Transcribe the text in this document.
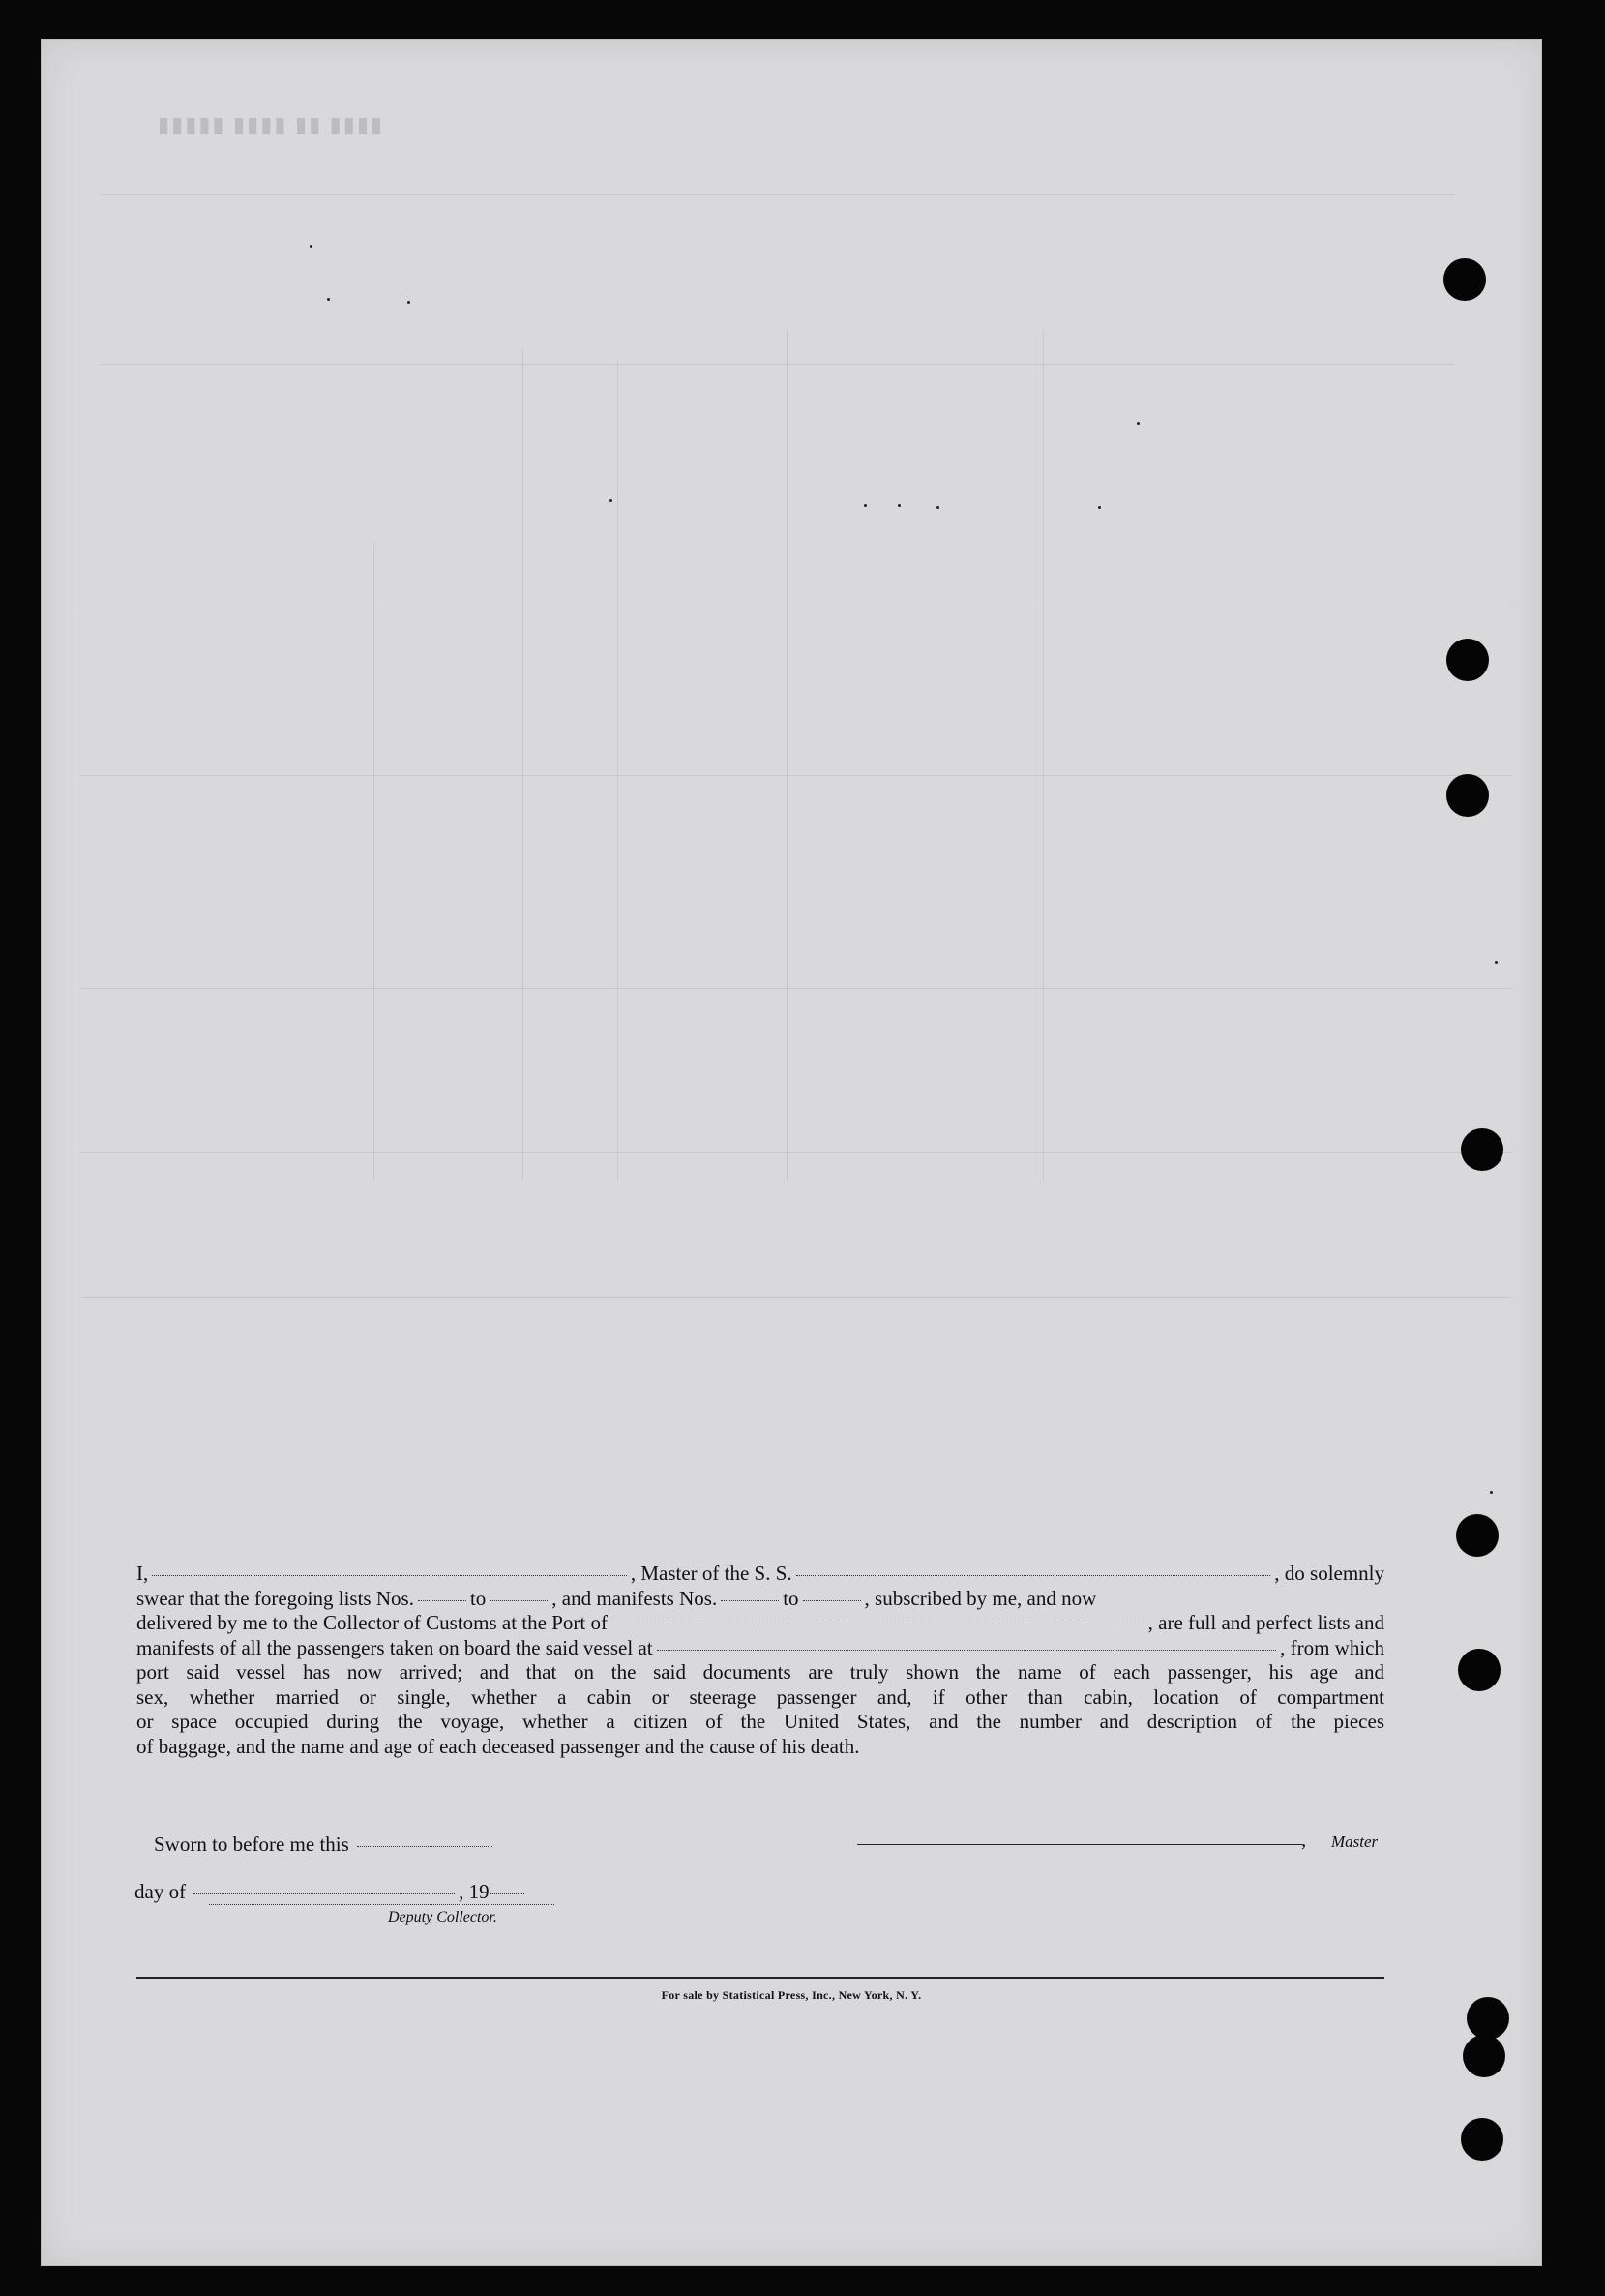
▮▮▮▮▮ ▮▮▮▮ ▮▮ ▮▮▮▮
I,	, Master of the S. S.	, do solemnly
swear that the foregoing lists Nos.	to	, and manifests Nos.	to	, subscribed by me, and now
delivered by me to the Collector of Customs at the Port of	, are full and perfect lists and
manifests of all the passengers taken on board the said vessel at	, from which
port said vessel has now arrived; and that on the said documents are truly shown the name of each passenger, his age and
sex, whether married or single, whether a cabin or steerage passenger and, if other than cabin, location of compartment
or space occupied during the voyage, whether a citizen of the United States, and the number and description of the pieces
of baggage, and the name and age of each deceased passenger and the cause of his death.
Sworn to before me this	, Master
day of	, 19
Deputy Collector.
For sale by Statistical Press, Inc., New York, N. Y.
